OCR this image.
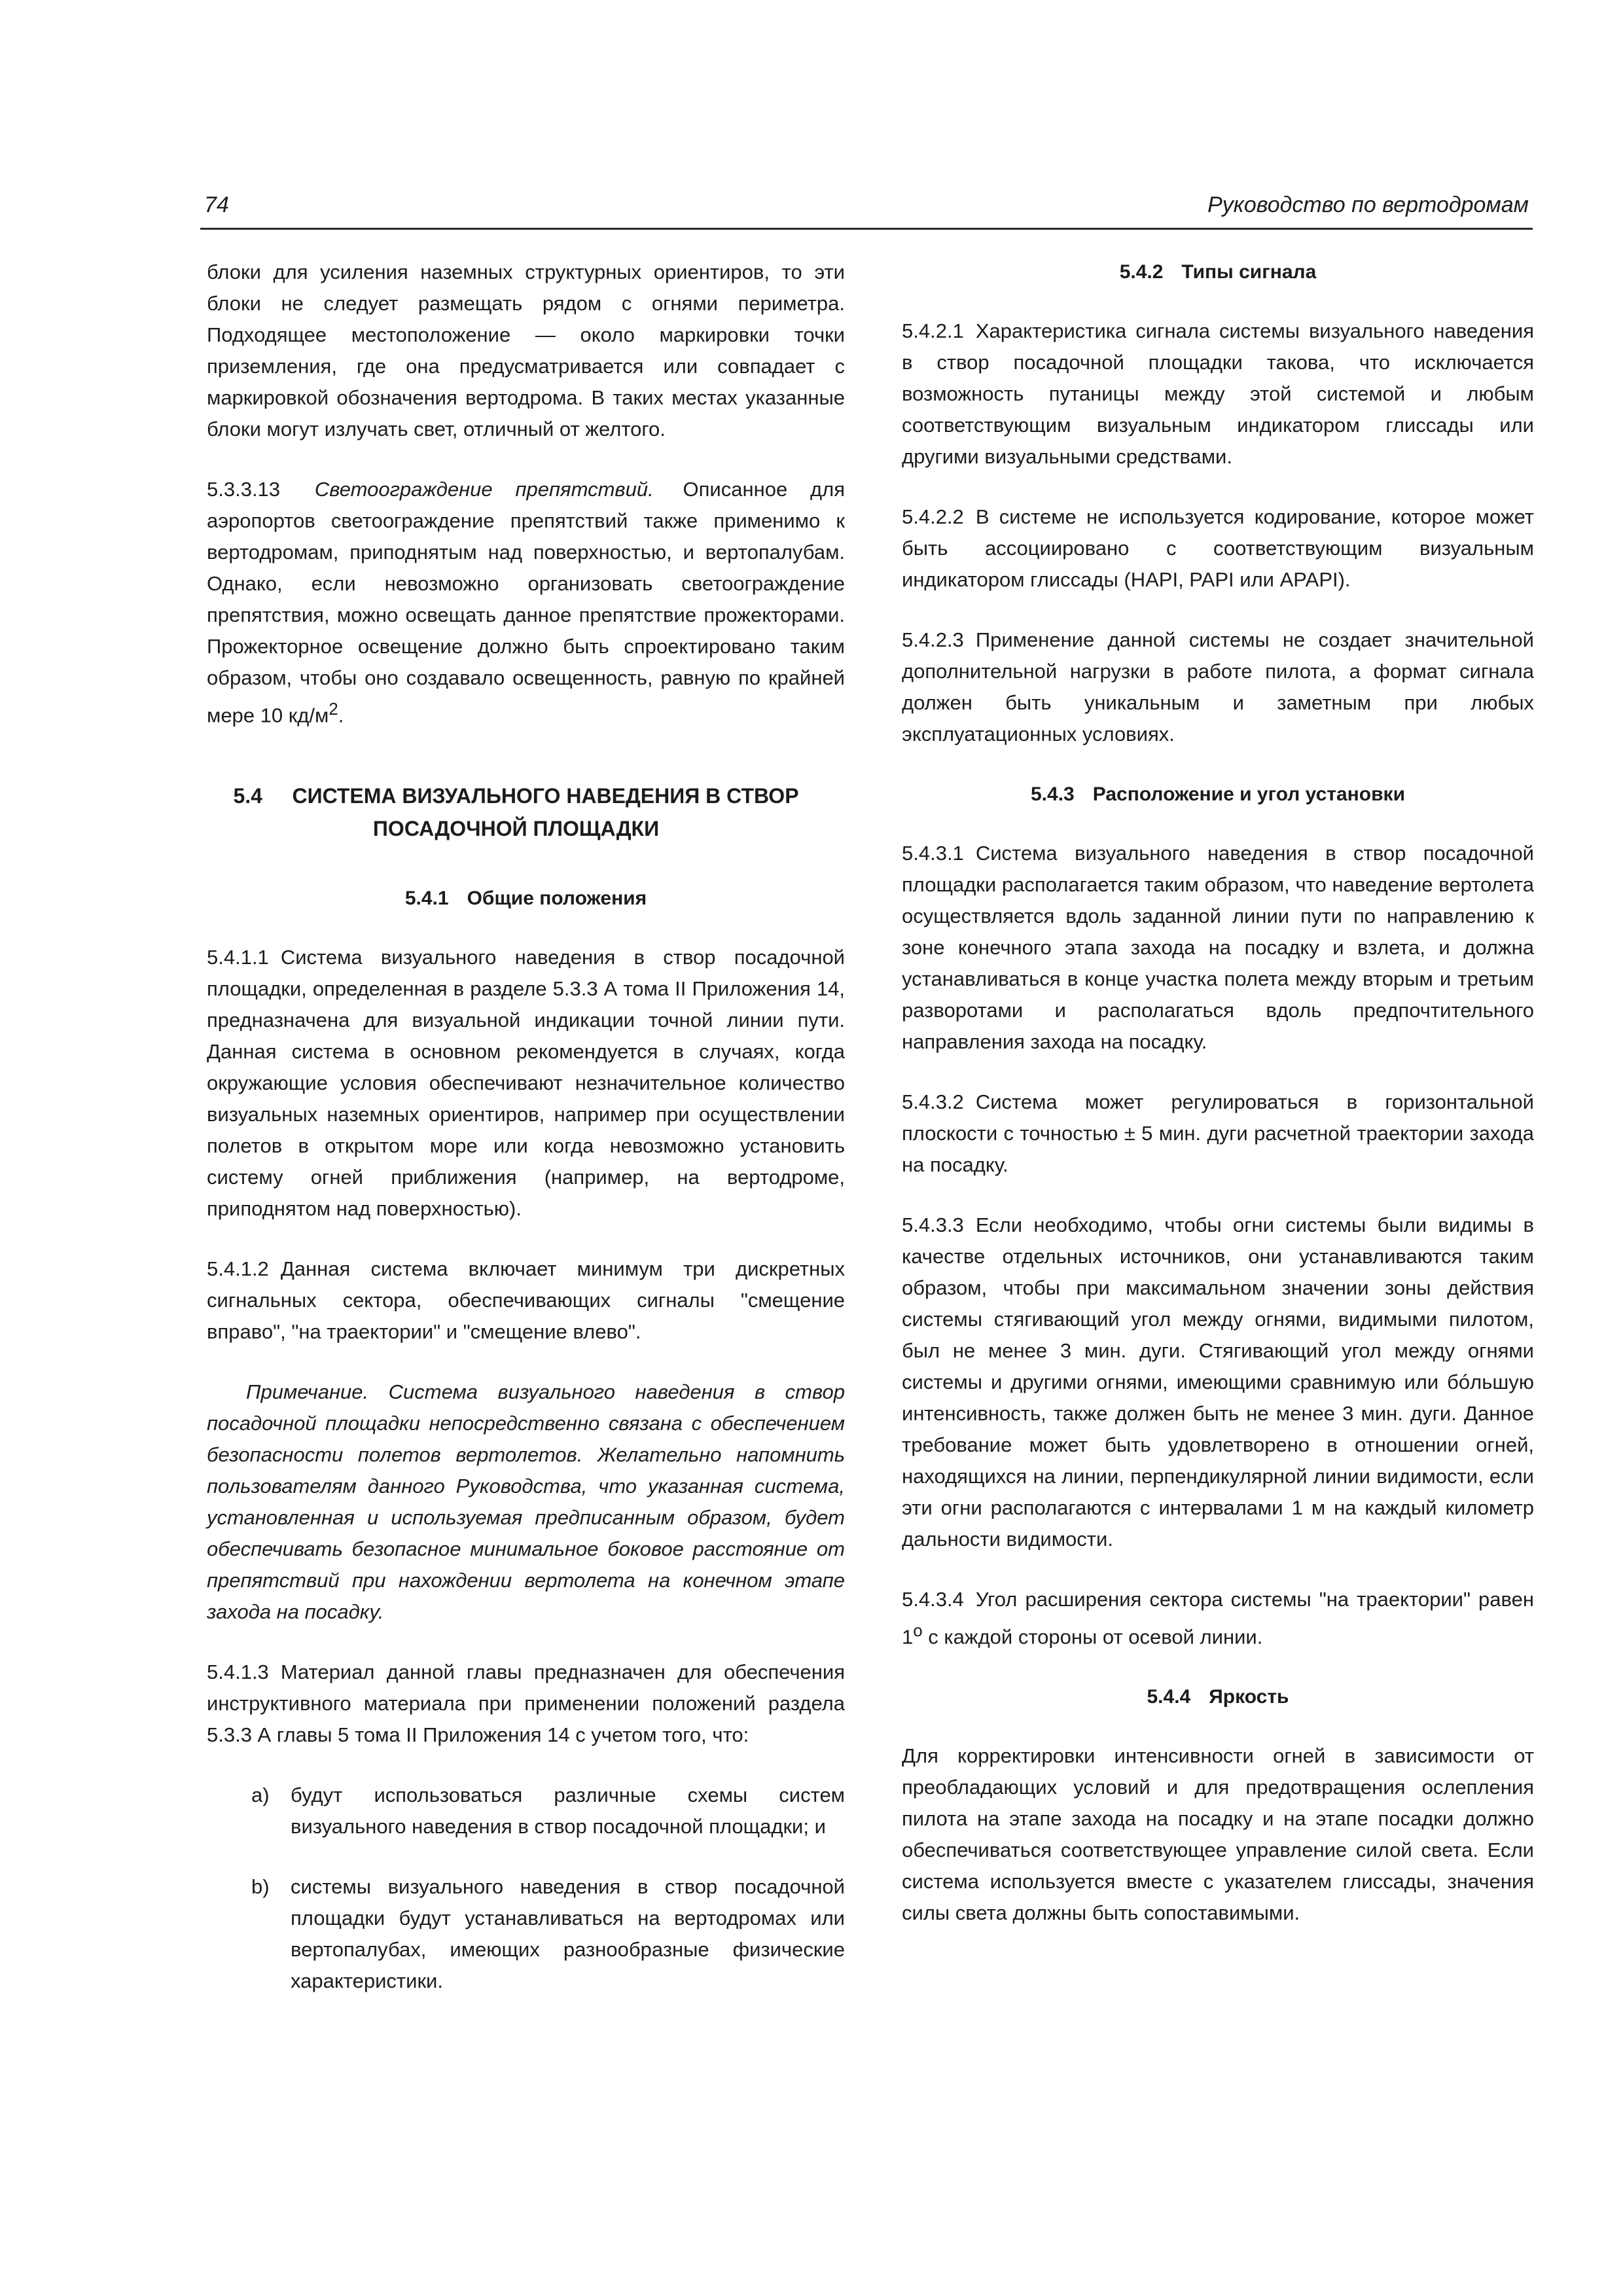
74	Руководство по вертодромам

блоки для усиления наземных структурных ориентиров, то эти блоки не следует размещать рядом с огнями периметра. Подходящее местоположение — около маркировки точки приземления, где она предусматривается или совпадает с маркировкой обозначения вертодрома. В таких местах указанные блоки могут излучать свет, отличный от желтого.

5.3.3.13 Светоограждение препятствий. Описанное для аэропортов светоограждение препятствий также применимо к вертодромам, приподнятым над поверхностью, и вертопалубам. Однако, если невозможно организовать светоограждение препятствия, можно освещать данное препятствие прожекторами. Прожекторное освещение должно быть спроектировано таким образом, чтобы оно создавало освещенность, равную по крайней мере 10 $кд/м^2$.

5.4 СИСТЕМА ВИЗУАЛЬНОГО НАВЕДЕНИЯ В СТВОР
ПОСАДОЧНОЙ ПЛОЩАДКИ
5.4.1 Общие положения

5.4.1.1 Система визуального наведения в створ посадочной площадки, определенная в разделе 5.3.3 А тома II Приложения 14, предназначена для визуальной индикации точной линии пути. Данная система в основном рекомендуется в случаях, когда окружающие условия обеспечивают незначительное количество визуальных наземных ориентиров, например при осуществлении полетов в открытом море или когда невозможно установить систему огней приближения (например, на вертодроме, приподнятом над поверхностью).

5.4.1.2 Данная система включает минимум три дискретных сигнальных сектора, обеспечивающих сигналы "смещение вправо", "на траектории" и "смещение влево".

Примечание. Система визуального наведения в створ посадочной площадки непосредственно связана с обеспечением безопасности полетов вертолетов. Желательно напомнить пользователям данного Руководства, что указанная система, установленная и используемая предписанным образом, будет обеспечивать безопасное минимальное боковое расстояние от препятствий при нахождении вертолета на конечном этапе захода на посадку.

5.4.1.3 Материал данной главы предназначен для обеспечения инструктивного материала при применении положений раздела 5.3.3 А главы 5 тома II Приложения 14 с учетом того, что:

a) будут использоваться различные схемы систем визуального наведения в створ посадочной площадки; и
b) системы визуального наведения в створ посадочной площадки будут устанавливаться на вертодромах или вертопалубах, имеющих разнообразные физические характеристики.
5.4.2 Типы сигнала

5.4.2.1 Характеристика сигнала системы визуального наведения в створ посадочной площадки такова, что исключается возможность путаницы между этой системой и любым соответствующим визуальным индикатором глиссады или другими визуальными средствами.

5.4.2.2 В системе не используется кодирование, которое может быть ассоциировано с соответствующим визуальным индикатором глиссады (HAPI, PAPI или APAPI).

5.4.2.3 Применение данной системы не создает значительной дополнительной нагрузки в работе пилота, а формат сигнала должен быть уникальным и заметным при любых эксплуатационных условиях.

5.4.3 Расположение и угол установки

5.4.3.1 Система визуального наведения в створ посадочной площадки располагается таким образом, что наведение вертолета осуществляется вдоль заданной линии пути по направлению к зоне конечного этапа захода на посадку и взлета, и должна устанавливаться в конце участка полета между вторым и третьим разворотами и располагаться вдоль предпочтительного направления захода на посадку.

5.4.3.2 Система может регулироваться в горизонтальной плоскости с точностью ± 5 мин. дуги расчетной траектории захода на посадку.

5.4.3.3 Если необходимо, чтобы огни системы были видимы в качестве отдельных источников, они устанавливаются таким образом, чтобы при максимальном значении зоны действия системы стягивающий угол между огнями, видимыми пилотом, был не менее 3 мин. дуги. Стягивающий угол между огнями системы и другими огнями, имеющими сравнимую или бóльшую интенсивность, также должен быть не менее 3 мин. дуги. Данное требование может быть удовлетворено в отношении огней, находящихся на линии, перпендикулярной линии видимости, если эти огни располагаются с интервалами 1 м на каждый километр дальности видимости.

5.4.3.4 Угол расширения сектора системы "на траектории" равен 1$^o$ с каждой стороны от осевой линии.

5.4.4 Яркость

Для корректировки интенсивности огней в зависимости от преобладающих условий и для предотвращения ослепления пилота на этапе захода на посадку и на этапе посадки должно обеспечиваться соответствующее управление силой света. Если система используется вместе с указателем глиссады, значения силы света должны быть сопоставимыми.
